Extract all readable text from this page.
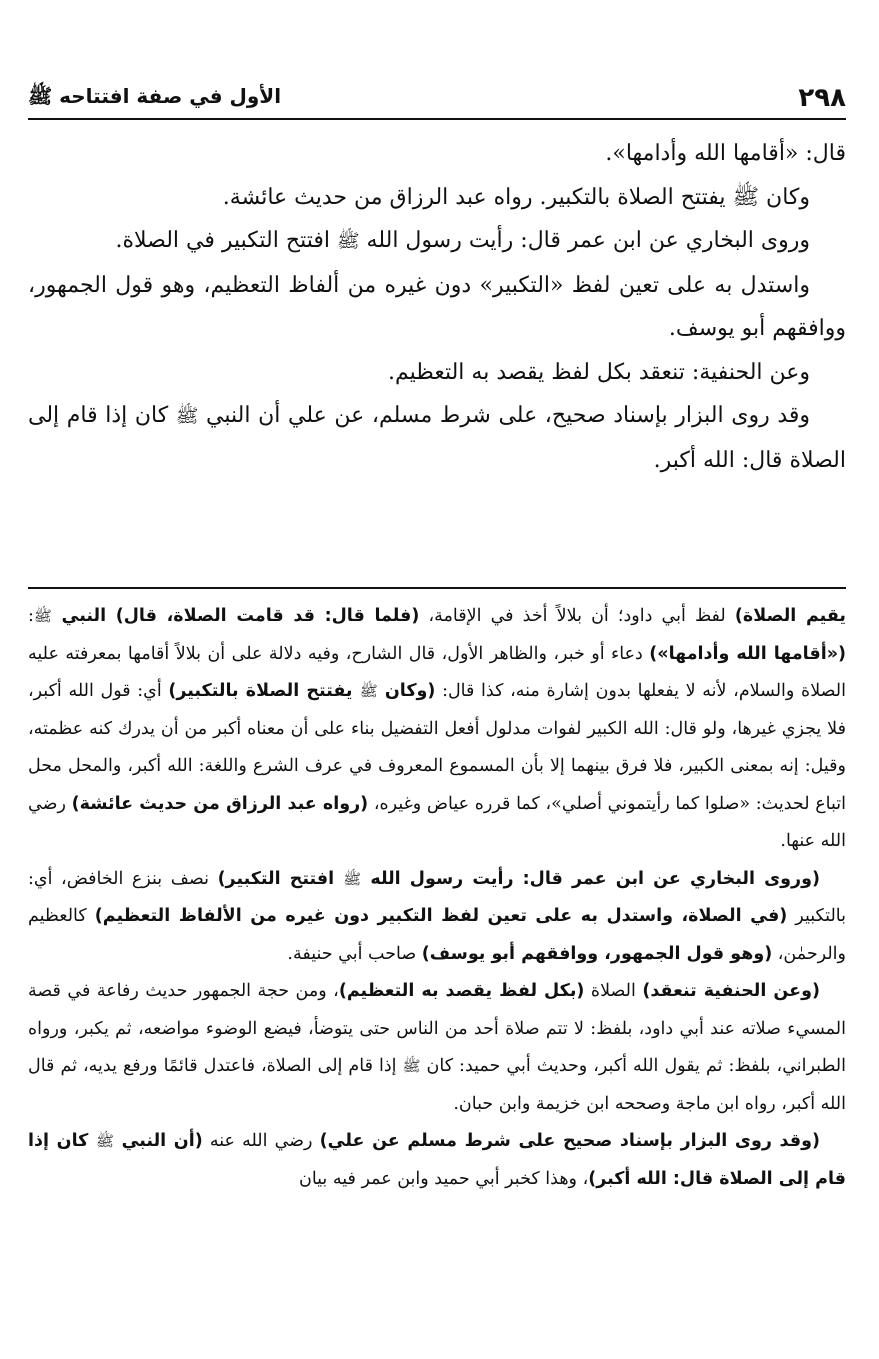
٢٩٨
الأول في صفة افتتاحه ﷺ

قال: «أقامها الله وأدامها».

وكان ﷺ يفتتح الصلاة بالتكبير. رواه عبد الرزاق من حديث عائشة.

وروى البخاري عن ابن عمر قال: رأيت رسول الله ﷺ افتتح التكبير في الصلاة.

واستدل به على تعين لفظ «التكبير» دون غيره من ألفاظ التعظيم، وهو قول الجمهور، ووافقهم أبو يوسف.

وعن الحنفية: تنعقد بكل لفظ يقصد به التعظيم.

وقد روى البزار بإسناد صحيح، على شرط مسلم، عن علي أن النبي ﷺ كان إذا قام إلى الصلاة قال: الله أكبر.

يقيم الصلاة) لفظ أبي داود؛ أن بلالاً أخذ في الإقامة، (فلما قال: قد قامت الصلاة، قال) النبي ﷺ: («أقامها الله وأدامها») دعاء أو خبر، والظاهر الأول، قال الشارح، وفيه دلالة على أن بلالاً أقامها بمعرفته عليه الصلاة والسلام، لأنه لا يفعلها بدون إشارة منه، كذا قال: (وكان ﷺ يفتتح الصلاة بالتكبير) أي: قول الله أكبر، فلا يجزي غيرها، ولو قال: الله الكبير لفوات مدلول أفعل التفضيل بناء على أن معناه أكبر من أن يدرك كنه عظمته، وقيل: إنه بمعنى الكبير، فلا فرق بينهما إلا بأن المسموع المعروف في عرف الشرع واللغة: الله أكبر، والمحل محل اتباع لحديث: «صلوا كما رأيتموني أصلي»، كما قرره عياض وغيره، (رواه عبد الرزاق من حديث عائشة) رضي الله عنها.

(وروى البخاري عن ابن عمر قال: رأيت رسول الله ﷺ افتتح التكبير) نصف بنزع الخافض، أي: بالتكبير (في الصلاة، واستدل به على تعين لفظ التكبير دون غيره من الألفاظ التعظيم) كالعظيم والرحمٰن، (وهو قول الجمهور، ووافقهم أبو يوسف) صاحب أبي حنيفة.

(وعن الحنفية تنعقد) الصلاة (بكل لفظ يقصد به التعظيم)، ومن حجة الجمهور حديث رفاعة في قصة المسيء صلاته عند أبي داود، بلفظ: لا تتم صلاة أحد من الناس حتى يتوضأ، فيضع الوضوء مواضعه، ثم يكبر، ورواه الطبراني، بلفظ: ثم يقول الله أكبر، وحديث أبي حميد: كان ﷺ إذا قام إلى الصلاة، فاعتدل قائمًا ورفع يديه، ثم قال الله أكبر، رواه ابن ماجة وصححه ابن خزيمة وابن حبان.

(وقد روى البزار بإسناد صحيح على شرط مسلم عن علي) رضي الله عنه (أن النبي ﷺ كان إذا قام إلى الصلاة قال: الله أكبر)، وهذا كخبر أبي حميد وابن عمر فيه بيان
